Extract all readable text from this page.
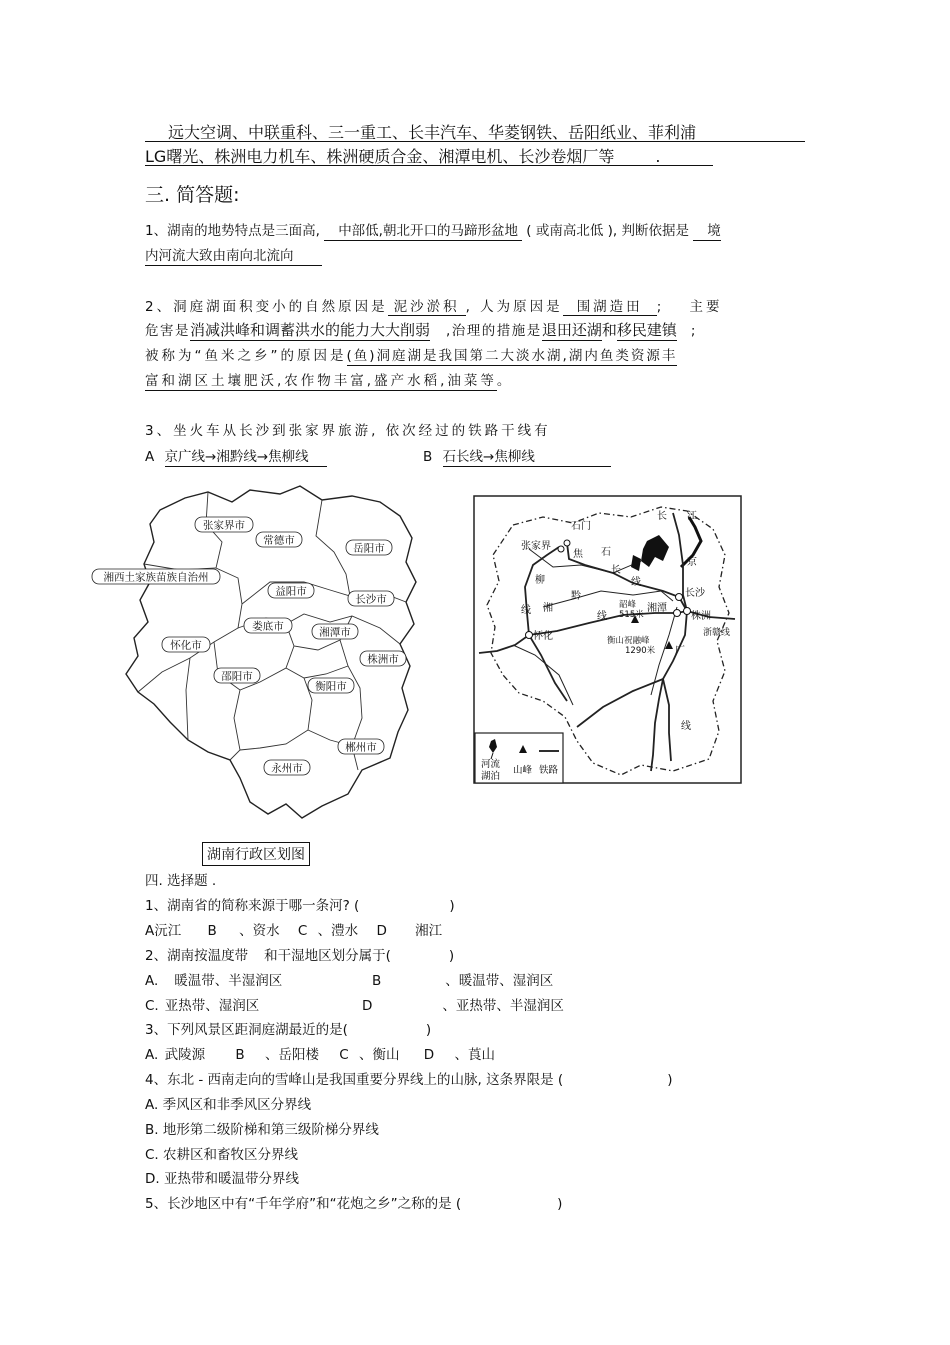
远大空调、中联重科、三一重工、长丰汽车、华菱钢铁、岳阳纸业、菲利浦
LG曙光、株洲电力机车、株洲硬质合金、湘潭电机、长沙卷烟厂等	.
三. 简答题:
1、湖南的地势特点是三面高, 中部低,朝北开口的马蹄形盆地 ( 或南高北低 ), 判断依据是 境
内河流大致由南向北流向
2、洞庭湖面积变小的自然原因是 泥沙淤积 , 人为原因是 围湖造田 ; 主要
危害是消减洪峰和调蓄洪水的能力大大削弱 ,治理的措施是退田还湖和移民建镇 ;
被称为“鱼米之乡”的原因是(鱼)洞庭湖是我国第二大淡水湖,湖内鱼类资源丰
富和湖区土壤肥沃,农作物丰富,盛产水稻,油菜等。
3、坐火车从长沙到张家界旅游, 依次经过的铁路干线有
A 京广线→湘黔线→焦柳线	B 石长线→焦柳线
张家界市
常德市
岳阳市
湘西土家族苗族自治州
益阳市
长沙市
娄底市	湘潭市
怀化市
株洲市
邵阳市
衡阳市
郴州市
永州市
湖南行政区划图
石门
张家界
长沙
湘潭
株洲
怀化
焦 石
长
线
柳
湘
黔
线
线
京
广
线
长 江
浙赣线
韶峰
515米
衡山祝融峰
1290米
河流
湖泊
山峰 铁路
四. 选择题 .
1、湖南省的简称来源于哪一条河? (	)
A沅江 B 、资水 C 、澧水 D 湘江
2、湖南按温度带 和干湿地区划分属于(	)
A. 暖温带、半湿润区	B	、暖温带、湿润区
C. 亚热带、湿润区	D	、亚热带、半湿润区
3、下列风景区距洞庭湖最近的是(	)
A. 武陵源 B 、岳阳楼 C 、衡山 D 、莨山
4、东北 - 西南走向的雪峰山是我国重要分界线上的山脉, 这条界限是 (	)
A. 季风区和非季风区分界线
B. 地形第二级阶梯和第三级阶梯分界线
C. 农耕区和畜牧区分界线
D. 亚热带和暖温带分界线
5、长沙地区中有“千年学府”和“花炮之乡”之称的是 (	)
